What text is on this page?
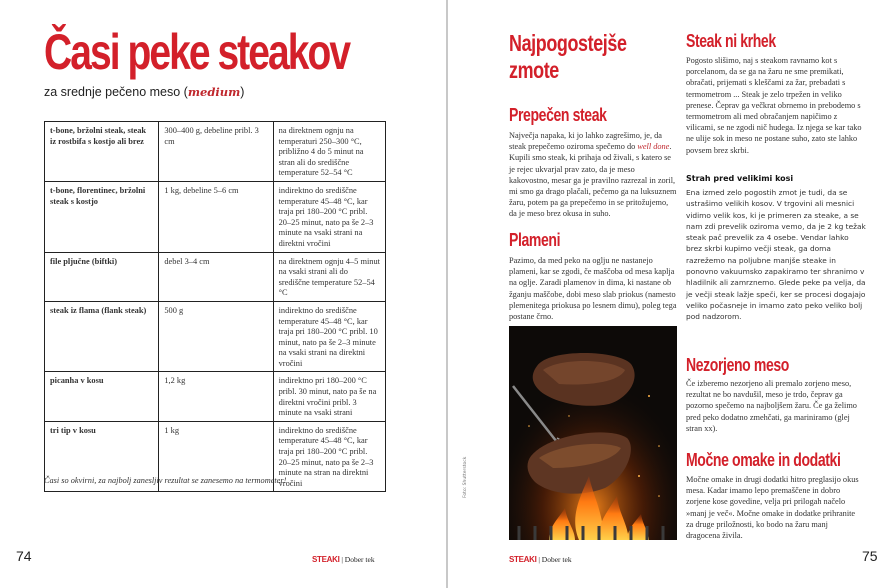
Časi peke steakov
za srednje pečeno meso (medium)
t-bone, bržolni steak, steak iz rostbifa s kostjo ali brez	300–400 g, debeline pribl. 3 cm	na direktnem ognju na temperaturi 250–300 °C, približno 4 do 5 minut na stran ali do središčne temperature 52–54 °C
t-bone, florentinec, bržolni steak s kostjo	1 kg, debeline 5–6 cm	indirektno do središčne temperature 45–48 °C, kar traja pri 180–200 °C pribl. 20–25 minut, nato pa še 2–3 minute na vsaki strani na direktni vročini
file pljučne (biftki)	debel 3–4 cm	na direktnem ognju 4–5 minut na vsaki strani ali do središčne temperature 52–54 °C
steak iz flama (flank steak)	500 g	indirektno do središčne temperature 45–48 °C, kar traja pri 180–200 °C pribl. 10 minut, nato pa še 2–3 minute na vsaki strani na direktni vročini
picanha v kosu	1,2 kg	indirektno pri 180–200 °C pribl. 30 minut, nato pa še na direktni vročini pribl. 3 minute na vsaki strani
tri tip v kosu	1 kg	indirektno do središčne temperature 45–48 °C, kar traja pri 180–200 °C pribl. 20–25 minut, nato pa še 2–3 minute na stran na direktni vročini
Časi so okvirni, za najbolj zanesljiv rezultat se zanesemo na termometer!
74	STEAKI | Dober tek
Najpogostejše zmote
Prepečen steak

Največja napaka, ki jo lahko zagrešimo, je, da steak prepečemo oziroma spečemo do well done. Kupili smo steak, ki prihaja od živali, s katero se je rejec ukvarjal prav zato, da je meso kakovostno, mesar ga je pravilno razrezal in zoril, mi smo ga drago plačali, pečemo ga na luksuznem žaru, potem pa ga prepečemo in se pritožujemo, da je meso brez okusa in suho.

Plameni

Pazimo, da med peko na oglju ne nastanejo plameni, kar se zgodi, če maščoba od mesa kaplja na oglje. Zaradi plamenov in dima, ki nastane ob žganju maščobe, dobi meso slab priokus (namesto plemenitega priokusa po lesnem dimu), poleg tega postane črno.

Foto: Shutterstock
Steak ni krhek

Pogosto slišimo, naj s steakom ravnamo kot s porcelanom, da se ga na žaru ne sme premikati, obračati, prijemati s kleščami za žar, prebadati s termometrom ... Steak je zelo trpežen in veliko prenese. Čeprav ga večkrat obrnemo in prebodemo s termometrom ali med obračanjem napičimo z vilicami, se ne zgodi nič hudega. Iz njega se kar tako ne ulije sok in meso ne postane suho, zato ste lahko povsem brez skrbi.

Strah pred velikimi kosi

Ena izmed zelo pogostih zmot je tudi, da se ustrašimo velikih kosov. V trgovini ali mesnici vidimo velik kos, ki je primeren za steake, a se nam zdi prevelik oziroma vemo, da je 2 kg težak steak pač prevelik za 4 osebe. Vendar lahko brez skrbi kupimo večji steak, ga doma razrežemo na poljubne manjše steake in ponovno vakuumsko zapakiramo ter shranimo v hladilnik ali zamrznemo. Glede peke pa velja, da je večji steak lažje speči, ker se procesi dogajajo veliko počasneje in imamo zato peko veliko bolj pod nadzorom.

Nezorjeno meso

Če izberemo nezorjeno ali premalo zorjeno meso, rezultat ne bo navdušil, meso je trdo, čeprav ga pozorno spečemo na najboljšem žaru. Če ga želimo pred peko dodatno zmehčati, ga mariniramo (glej stran xx).

Močne omake in dodatki

Močne omake in drugi dodatki hitro preglasijo okus mesa. Kadar imamo lepo premaščene in dobro zorjene kose govedine, velja pri prilogah načelo »manj je več«. Močne omake in dodatke prihranite za druge priložnosti, ko bodo na žaru manj dragocena živila.

STEAKI | Dober tek	75
